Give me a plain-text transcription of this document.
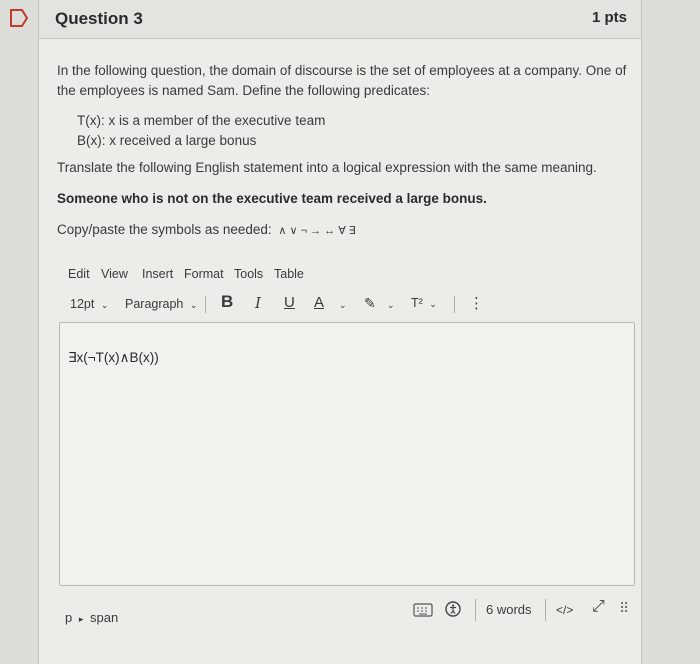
Question 3	1 pts
In the following question, the domain of discourse is the set of employees at a company. One of
the employees is named Sam. Define the following predicates:
T(x): x is a member of the executive team
B(x): x received a large bonus
Translate the following English statement into a logical expression with the same meaning.
Someone who is not on the executive team received a large bonus.
Copy/paste the symbols as needed: ∧ ∨ ¬ → ↔ ∀ ∃
Edit View Insert Format Tools Table
12pt ⌄ Paragraph ⌄ B I U A ⌄ ✎ ⌄ T² ⌄ ⋮
∃x(¬T(x)∧B(x))
p ▸ span
6 words </> ⤢ ⠿
